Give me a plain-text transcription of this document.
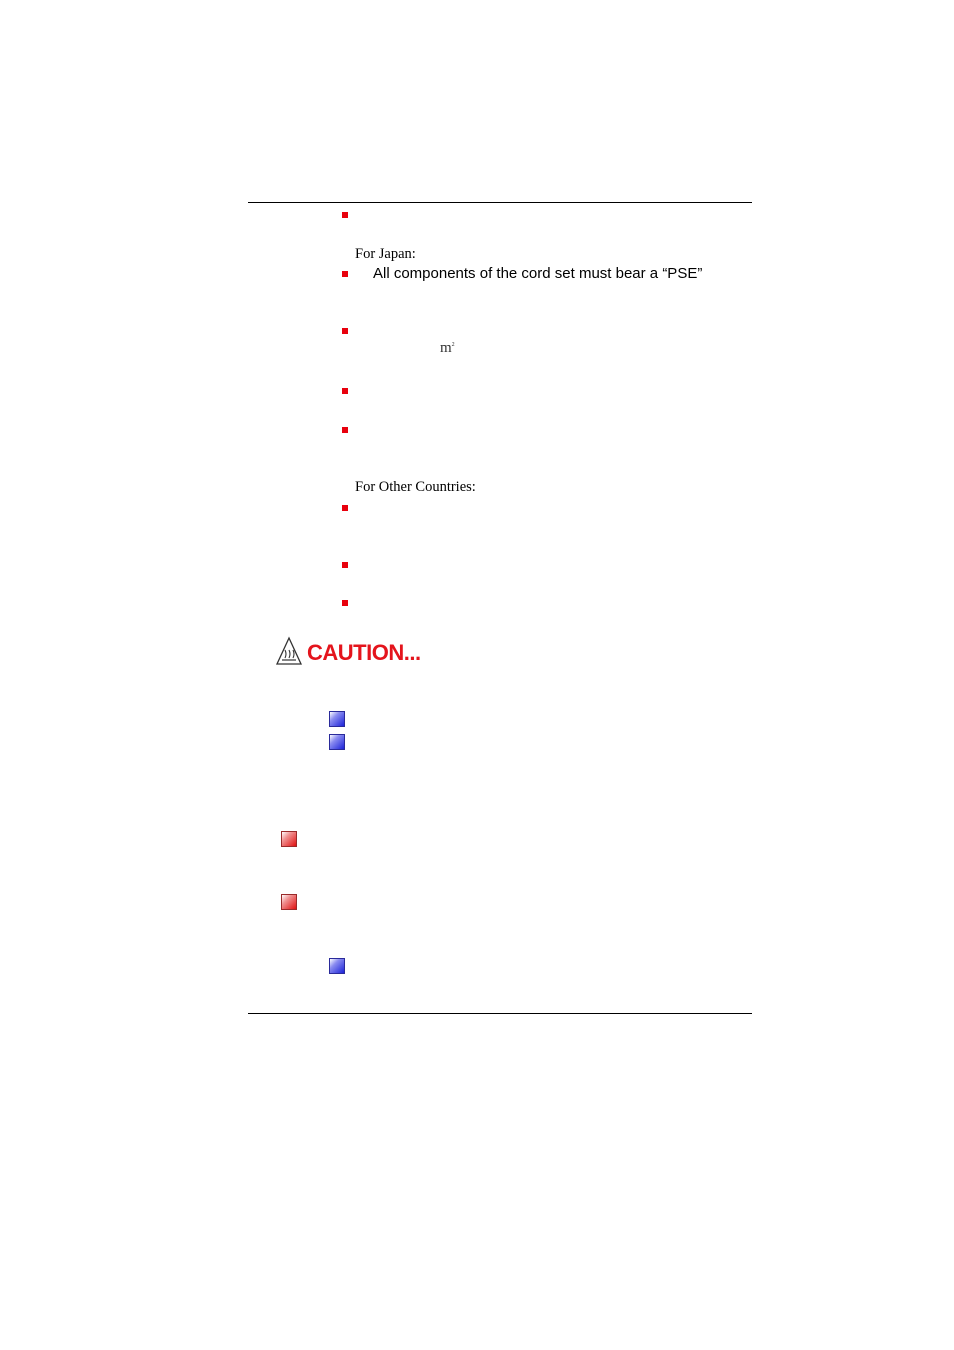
For Japan:
All components of the cord set must bear a “PSE”
$m^2$
For Other Countries:
CAUTION...
